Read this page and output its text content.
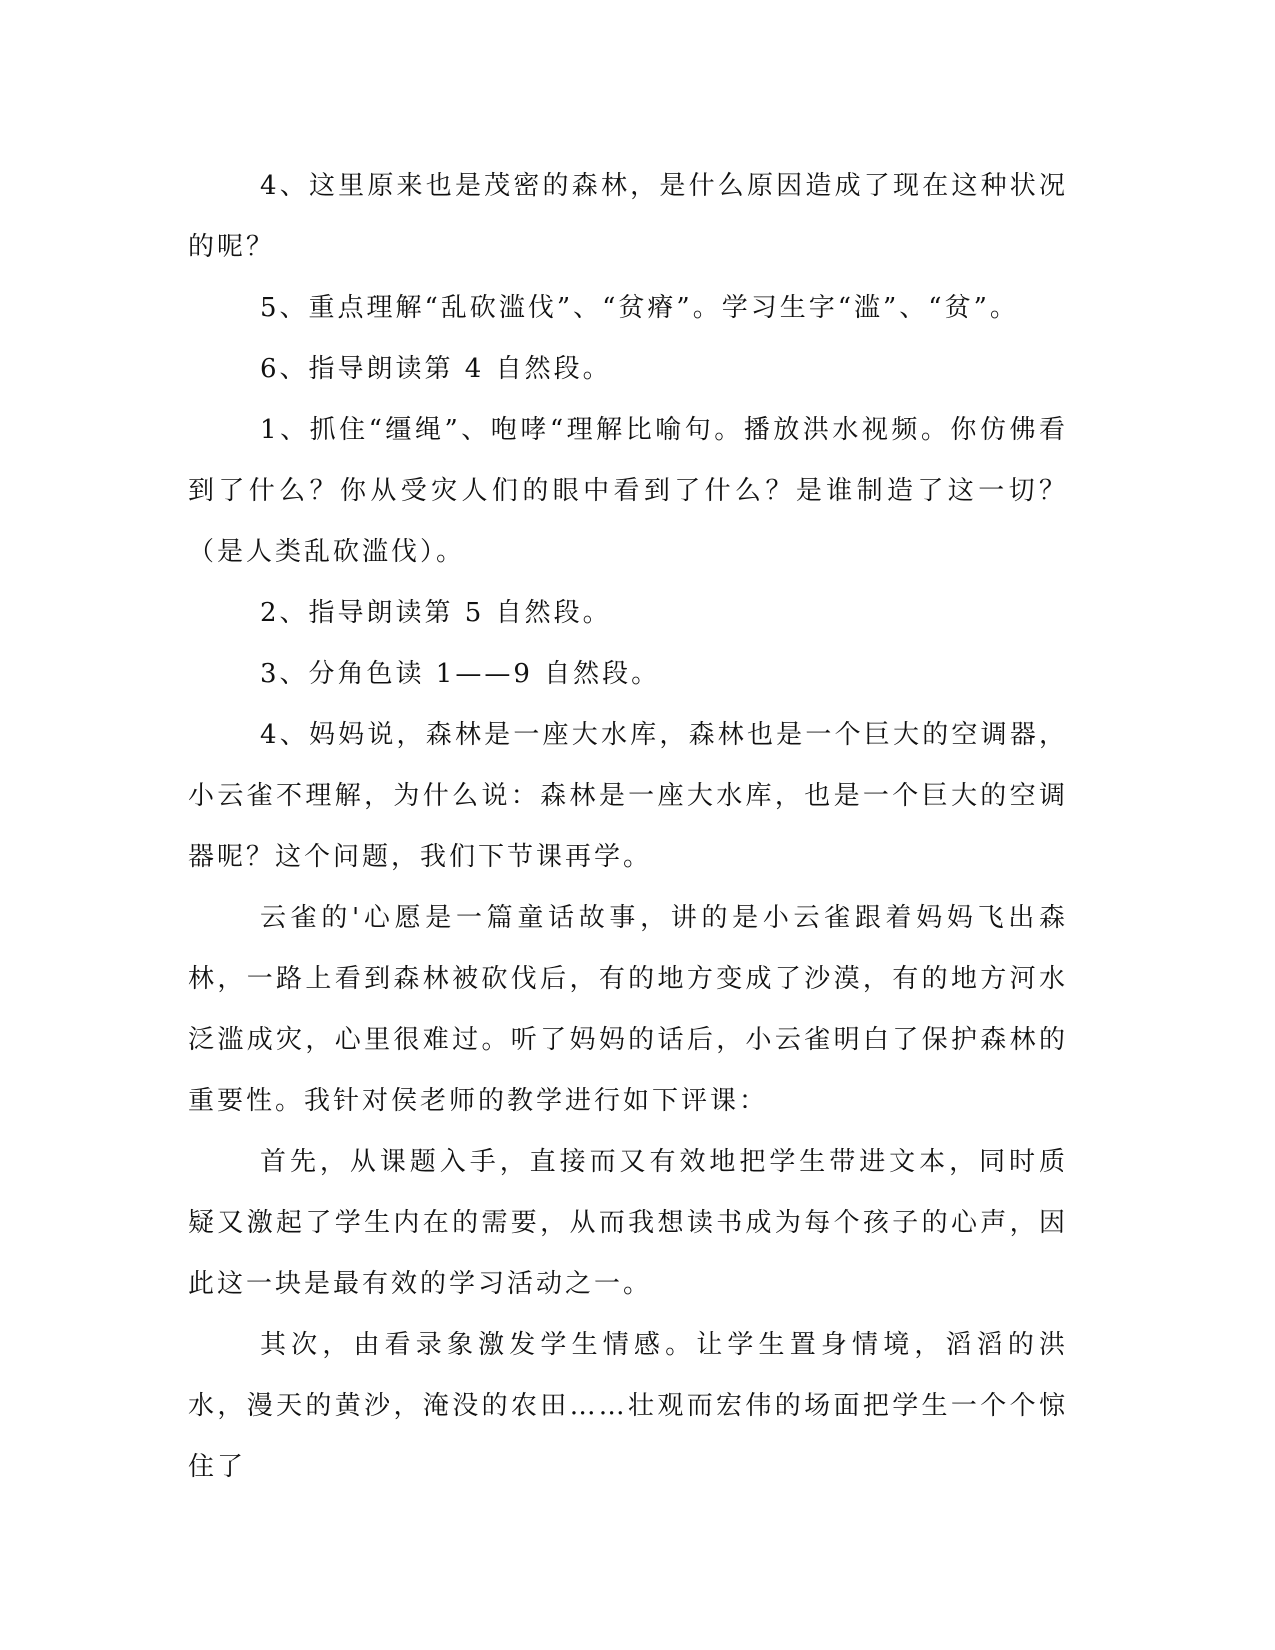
4、这里原来也是茂密的森林，是什么原因造成了现在这种状况的呢？

5、重点理解“乱砍滥伐”、“贫瘠”。学习生字“滥”、“贫”。

6、指导朗读第 4 自然段。

1、抓住“缰绳”、咆哮“理解比喻句。播放洪水视频。你仿佛看到了什么？你从受灾人们的眼中看到了什么？是谁制造了这一切？（是人类乱砍滥伐）。

2、指导朗读第 5 自然段。

3、分角色读 1——9 自然段。

4、妈妈说，森林是一座大水库，森林也是一个巨大的空调器，小云雀不理解，为什么说：森林是一座大水库，也是一个巨大的空调器呢？这个问题，我们下节课再学。

云雀的'心愿是一篇童话故事，讲的是小云雀跟着妈妈飞出森林，一路上看到森林被砍伐后，有的地方变成了沙漠，有的地方河水泛滥成灾，心里很难过。听了妈妈的话后，小云雀明白了保护森林的重要性。我针对侯老师的教学进行如下评课：

首先，从课题入手，直接而又有效地把学生带进文本，同时质疑又激起了学生内在的需要，从而我想读书成为每个孩子的心声，因此这一块是最有效的学习活动之一。

其次，由看录象激发学生情感。让学生置身情境，滔滔的洪水，漫天的黄沙，淹没的农田……壮观而宏伟的场面把学生一个个惊住了
